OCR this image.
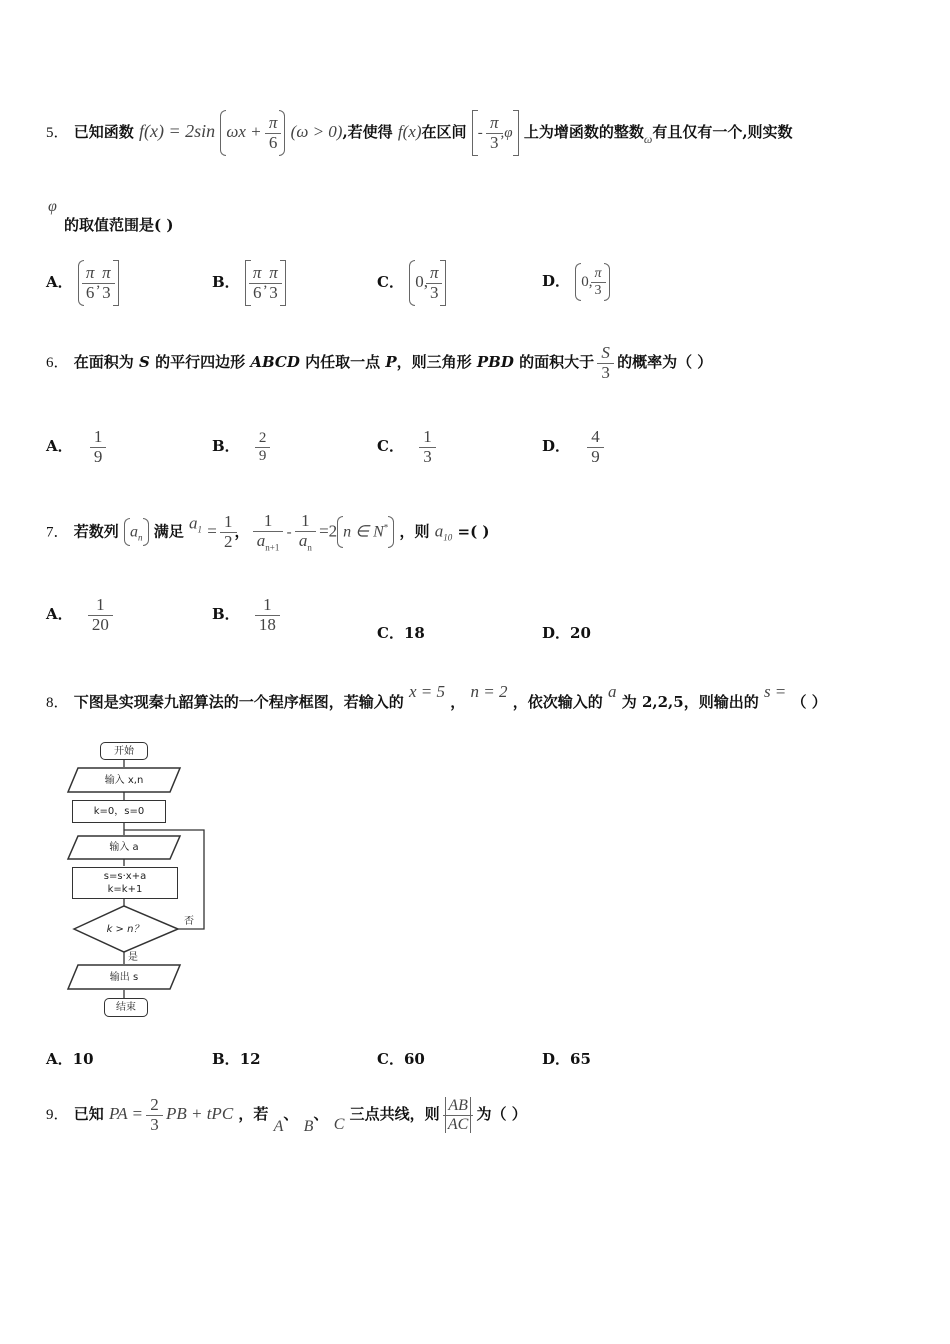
5． 已知函数 f(x) = 2sin $\omega x + \frac{\pi}{6} (\omega > 0)$,若使得 f(x)在区间 - $\frac{\pi}{3} ,\varphi$ 上为增函数的整数$_\omega$有且仅有一个,则实数
φ
的取值范围是( )
A． $\frac{\pi}{6}$ , $\frac{\pi}{3}$	B． $\frac{\pi}{6}$ , $\frac{\pi}{3}$	C． 0, $\frac{\pi}{3}$	D． 0, $\frac{\pi}{3}$
6． 在面积为 S 的平行四边形 ABCD 内任取一点 P，则三角形 PBD 的面积大于 $\frac{S}{3}$ 的概率为（ ）
A． $\frac{1}{9}$	B． $\frac{2}{9}$	C． $\frac{1}{3}$	D． $\frac{4}{9}$
7． 若数列 $a_n$ 满足 $a_1 = \frac{1}{2}$ ， $\frac{1}{a_{n+1}} - \frac{1}{a_n} =2$ n ∈ N* ，则 $a_{10}$ =( )
A． $\frac{1}{20}$	B． $\frac{1}{18}$	C．18	D．20
8． 下图是实现秦九韶算法的一个程序框图，若输入的 x = 5 ， n = 2 ，依次输入的 a 为 2,2,5，则输出的 s = （ ）
开始
输入 x,n
k=0，s=0
输入 a
s=s·x+a
k=k+1
k > n？
否
是
输出 s
结束
A．10	B．12	C．60	D．65
9． 已知 PA = $\frac{2}{3}$ PB + tPC ，若 A、 B、 C 三点共线，则 $\frac{AB}{AC}$ 为（ ）
